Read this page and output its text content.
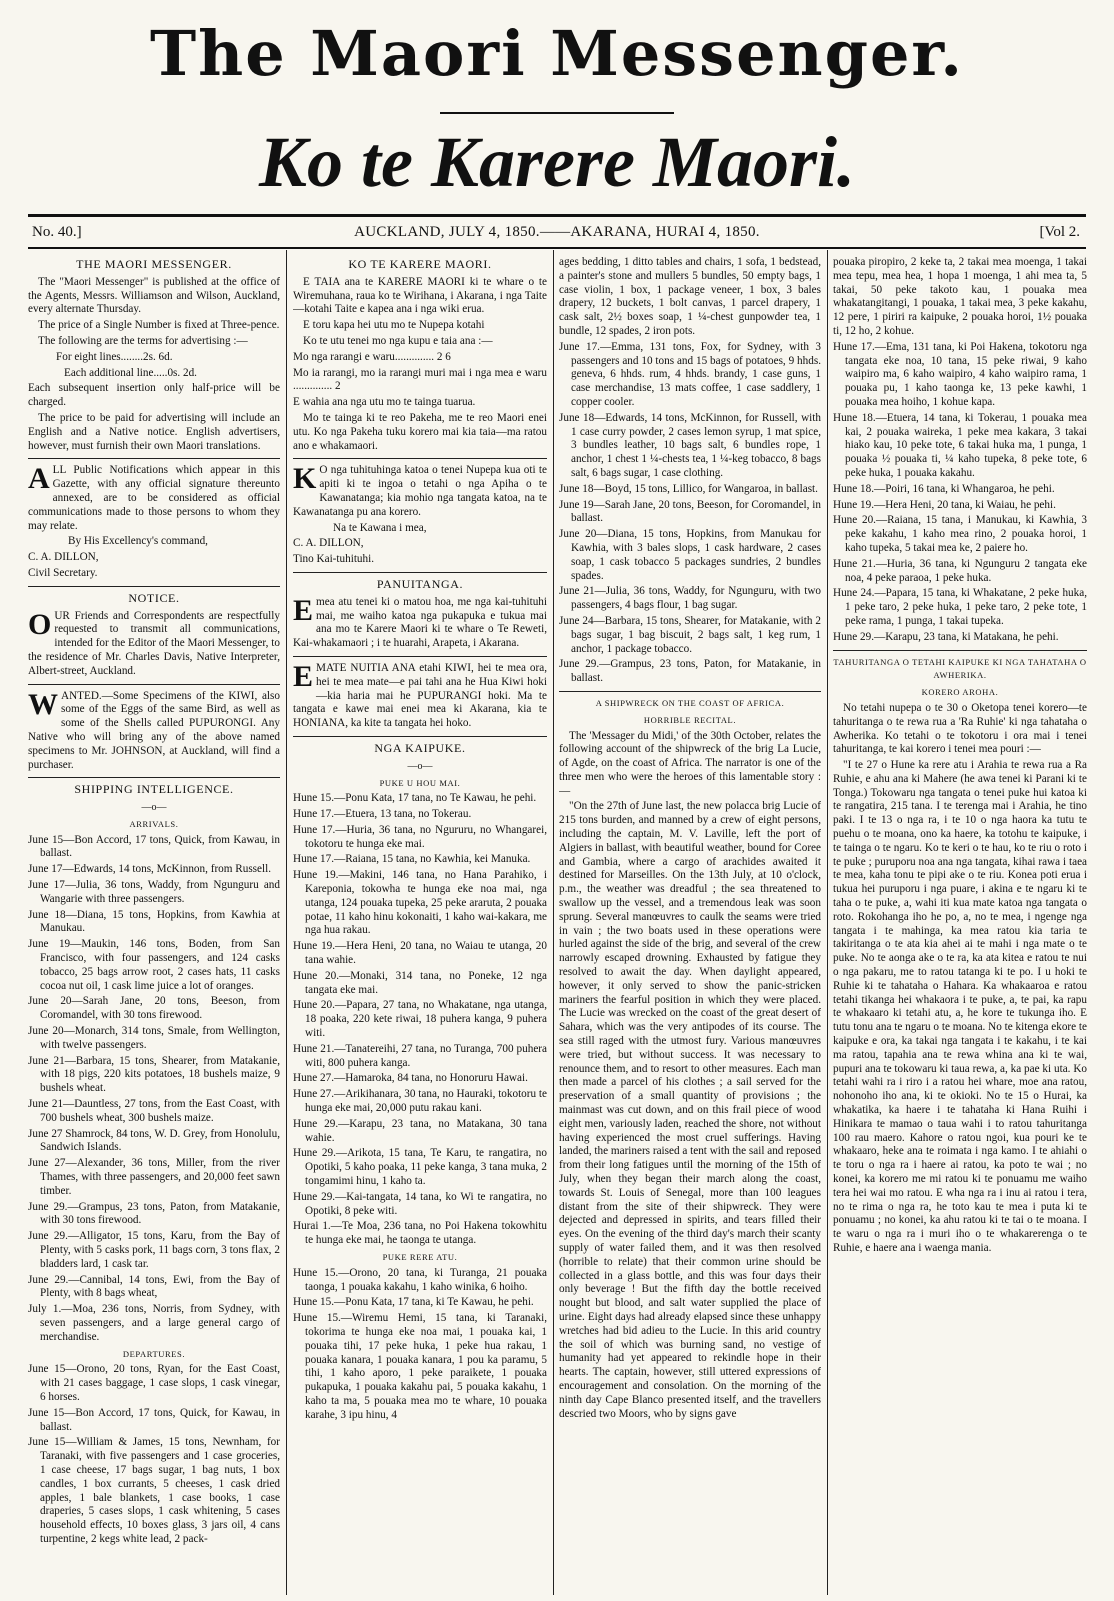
The Maori Messenger.
Ko te Karere Maori.
No. 40.]	AUCKLAND, JULY 4, 1850.——AKARANA, HURAI 4, 1850.	[Vol 2.
THE MAORI MESSENGER.

The "Maori Messenger" is published at the office of the Agents, Messrs. Williamson and Wilson, Auckland, every alternate Thursday.

The price of a Single Number is fixed at Three-pence.

The following are the terms for advertising :—

For eight lines........2s. 6d.

Each additional line.....0s. 2d.

Each subsequent insertion only half-price will be charged.

The price to be paid for advertising will include an English and a Native notice. English advertisers, however, must furnish their own Maori translations.

ALL Public Notifications which appear in this Gazette, with any official signature thereunto annexed, are to be considered as official communications made to those persons to whom they may relate.

By His Excellency's command,

C. A. DILLON,

Civil Secretary.

NOTICE.

OUR Friends and Correspondents are respectfully requested to transmit all communications, intended for the Editor of the Maori Messenger, to the residence of Mr. Charles Davis, Native Interpreter, Albert-street, Auckland.

WANTED.—Some Specimens of the KIWI, also some of the Eggs of the same Bird, as well as some of the Shells called PUPURONGI. Any Native who will bring any of the above named specimens to Mr. JOHNSON, at Auckland, will find a purchaser.

SHIPPING INTELLIGENCE.
—o—
ARRIVALS.

June 15—Bon Accord, 17 tons, Quick, from Kawau, in ballast.

June 17—Edwards, 14 tons, McKinnon, from Russell.

June 17—Julia, 36 tons, Waddy, from Ngunguru and Wangarie with three passengers.

June 18—Diana, 15 tons, Hopkins, from Kawhia at Manukau.

June 19—Maukin, 146 tons, Boden, from San Francisco, with four passengers, and 124 casks tobacco, 25 bags arrow root, 2 cases hats, 11 casks cocoa nut oil, 1 cask lime juice a lot of oranges.

June 20—Sarah Jane, 20 tons, Beeson, from Coromandel, with 30 tons firewood.

June 20—Monarch, 314 tons, Smale, from Wellington, with twelve passengers.

June 21—Barbara, 15 tons, Shearer, from Matakanie, with 18 pigs, 220 kits potatoes, 18 bushels maize, 9 bushels wheat.

June 21—Dauntless, 27 tons, from the East Coast, with 700 bushels wheat, 300 bushels maize.

June 27 Shamrock, 84 tons, W. D. Grey, from Honolulu, Sandwich Islands.

June 27—Alexander, 36 tons, Miller, from the river Thames, with three passengers, and 20,000 feet sawn timber.

June 29.—Grampus, 23 tons, Paton, from Matakanie, with 30 tons firewood.

June 29.—Alligator, 15 tons, Karu, from the Bay of Plenty, with 5 casks pork, 11 bags corn, 3 tons flax, 2 bladders lard, 1 cask tar.

June 29.—Cannibal, 14 tons, Ewi, from the Bay of Plenty, with 8 bags wheat,

July 1.—Moa, 236 tons, Norris, from Sydney, with seven passengers, and a large general cargo of merchandise.

DEPARTURES.

June 15—Orono, 20 tons, Ryan, for the East Coast, with 21 cases baggage, 1 case slops, 1 cask vinegar, 6 horses.

June 15—Bon Accord, 17 tons, Quick, for Kawau, in ballast.

June 15—William & James, 15 tons, Newnham, for Taranaki, with five passengers and 1 case groceries, 1 case cheese, 17 bags sugar, 1 bag nuts, 1 box candles, 1 box currants, 5 cheeses, 1 cask dried apples, 1 bale blankets, 1 case books, 1 case draperies, 5 cases slops, 1 cask whitening, 5 cases household effects, 10 boxes glass, 3 jars oil, 4 cans turpentine, 2 kegs white lead, 2 pack-

KO TE KARERE MAORI.

E TAIA ana te KARERE MAORI ki te whare o te Wiremuhana, raua ko te Wirihana, i Akarana, i nga Taite—kotahi Taite e kapea ana i nga wiki erua.

E toru kapa hei utu mo te Nupepa kotahi

Ko te utu tenei mo nga kupu e taia ana :—

Mo nga rarangi e waru.............. 2 6

Mo ia rarangi, mo ia rarangi muri mai i nga mea e waru .............. 2

E wahia ana nga utu mo te tainga tuarua.

Mo te tainga ki te reo Pakeha, me te reo Maori enei utu. Ko nga Pakeha tuku korero mai kia taia—ma ratou ano e whakamaori.

K O nga tuhituhinga katoa o tenei Nupepa kua oti te apiti ki te ingoa o tetahi o nga Apiha o te Kawanatanga; kia mohio nga tangata katoa, na te Kawanatanga pu ana korero.

Na te Kawana i mea,

C. A. DILLON,

Tino Kai-tuhituhi.

PANUITANGA.

Emea atu tenei ki o matou hoa, me nga kai-tuhituhi mai, me waiho katoa nga pukapuka e tukua mai ana mo te Karere Maori ki te whare o Te Reweti, Kai-whakamaori ; i te huarahi, Arapeta, i Akarana.

EMATE NUITIA ANA etahi KIWI, hei te mea ora, hei te mea mate—e pai tahi ana he Hua Kiwi hoki—kia haria mai he PUPURANGI hoki. Ma te tangata e kawe mai enei mea ki Akarana, kia te HONIANA, ka kite ta tangata hei hoko.

NGA KAIPUKE.
—o—
PUKE U HOU MAI.

Hune 15.—Ponu Kata, 17 tana, no Te Kawau, he pehi.

Hune 17.—Etuera, 13 tana, no Tokerau.

Hune 17.—Huria, 36 tana, no Ngururu, no Whangarei, tokotoru te hunga eke mai.

Hune 17.—Raiana, 15 tana, no Kawhia, kei Manuka.

Hune 19.—Makini, 146 tana, no Hana Parahiko, i Kareponia, tokowha te hunga eke noa mai, nga utanga, 124 pouaka tupeka, 25 peke araruta, 2 pouaka potae, 11 kaho hinu kokonaiti, 1 kaho wai-kakara, me nga hua rakau.

Hune 19.—Hera Heni, 20 tana, no Waiau te utanga, 20 tana wahie.

Hune 20.—Monaki, 314 tana, no Poneke, 12 nga tangata eke mai.

Hune 20.—Papara, 27 tana, no Whakatane, nga utanga, 18 poaka, 220 kete riwai, 18 puhera kanga, 9 puhera witi.

Hune 21.—Tanatereihi, 27 tana, no Turanga, 700 puhera witi, 800 puhera kanga.

Hune 27.—Hamaroka, 84 tana, no Honoruru Hawai.

Hune 27.—Arikihanara, 30 tana, no Hauraki, tokotoru te hunga eke mai, 20,000 putu rakau kani.

Hune 29.—Karapu, 23 tana, no Matakana, 30 tana wahie.

Hune 29.—Arikota, 15 tana, Te Karu, te rangatira, no Opotiki, 5 kaho poaka, 11 peke kanga, 3 tana muka, 2 tongamimi hinu, 1 kaho ta.

Hune 29.—Kai-tangata, 14 tana, ko Wi te rangatira, no Opotiki, 8 peke witi.

Hurai 1.—Te Moa, 236 tana, no Poi Hakena tokowhitu te hunga eke mai, he taonga te utanga.

PUKE RERE ATU.

Hune 15.—Orono, 20 tana, ki Turanga, 21 pouaka taonga, 1 pouaka kakahu, 1 kaho winika, 6 hoiho.

Hune 15.—Ponu Kata, 17 tana, ki Te Kawau, he pehi.

Hune 15.—Wiremu Hemi, 15 tana, ki Taranaki, tokorima te hunga eke noa mai, 1 pouaka kai, 1 pouaka tihi, 17 peke huka, 1 peke hua rakau, 1 pouaka kanara, 1 pouaka kanara, 1 pou ka paramu, 5 tihi, 1 kaho aporo, 1 peke paraikete, 1 pouaka pukapuka, 1 pouaka kakahu pai, 5 pouaka kakahu, 1 kaho ta ma, 5 pouaka mea mo te whare, 10 pouaka karahe, 3 ipu hinu, 4

ages bedding, 1 ditto tables and chairs, 1 sofa, 1 bedstead, a painter's stone and mullers 5 bundles, 50 empty bags, 1 case violin, 1 box, 1 package veneer, 1 box, 3 bales drapery, 12 buckets, 1 bolt canvas, 1 parcel drapery, 1 cask salt, 2½ boxes soap, 1 ¼-chest gunpowder tea, 1 bundle, 12 spades, 2 iron pots.

June 17.—Emma, 131 tons, Fox, for Sydney, with 3 passengers and 10 tons and 15 bags of potatoes, 9 hhds. geneva, 6 hhds. rum, 4 hhds. brandy, 1 case guns, 1 case merchandise, 13 mats coffee, 1 case saddlery, 1 copper cooler.

June 18—Edwards, 14 tons, McKinnon, for Russell, with 1 case curry powder, 2 cases lemon syrup, 1 mat spice, 3 bundles leather, 10 bags salt, 6 bundles rope, 1 anchor, 1 chest 1 ¼-chests tea, 1 ¼-keg tobacco, 8 bags salt, 6 bags sugar, 1 case clothing.

June 18—Boyd, 15 tons, Lillico, for Wangaroa, in ballast.

June 19—Sarah Jane, 20 tons, Beeson, for Coromandel, in ballast.

June 20—Diana, 15 tons, Hopkins, from Manukau for Kawhia, with 3 bales slops, 1 cask hardware, 2 cases soap, 1 cask tobacco 5 packages sundries, 2 bundles spades.

June 21—Julia, 36 tons, Waddy, for Ngunguru, with two passengers, 4 bags flour, 1 bag sugar.

June 24—Barbara, 15 tons, Shearer, for Matakanie, with 2 bags sugar, 1 bag biscuit, 2 bags salt, 1 keg rum, 1 anchor, 1 package tobacco.

June 29.—Grampus, 23 tons, Paton, for Matakanie, in ballast.

A SHIPWRECK ON THE COAST OF AFRICA.
HORRIBLE RECITAL.

The 'Messager du Midi,' of the 30th October, relates the following account of the shipwreck of the brig La Lucie, of Agde, on the coast of Africa. The narrator is one of the three men who were the heroes of this lamentable story :—

"On the 27th of June last, the new polacca brig Lucie of 215 tons burden, and manned by a crew of eight persons, including the captain, M. V. Laville, left the port of Algiers in ballast, with beautiful weather, bound for Coree and Gambia, where a cargo of arachides awaited it destined for Marseilles. On the 13th July, at 10 o'clock, p.m., the weather was dreadful ; the sea threatened to swallow up the vessel, and a tremendous leak was soon sprung. Several manœuvres to caulk the seams were tried in vain ; the two boats used in these operations were hurled against the side of the brig, and several of the crew narrowly escaped drowning. Exhausted by fatigue they resolved to await the day. When daylight appeared, however, it only served to show the panic-stricken mariners the fearful position in which they were placed. The Lucie was wrecked on the coast of the great desert of Sahara, which was the very antipodes of its course. The sea still raged with the utmost fury. Various manœuvres were tried, but without success. It was necessary to renounce them, and to resort to other measures. Each man then made a parcel of his clothes ; a sail served for the preservation of a small quantity of provisions ; the mainmast was cut down, and on this frail piece of wood eight men, variously laden, reached the shore, not without having experienced the most cruel sufferings. Having landed, the mariners raised a tent with the sail and reposed from their long fatigues until the morning of the 15th of July, when they began their march along the coast, towards St. Louis of Senegal, more than 100 leagues distant from the site of their shipwreck. They were dejected and depressed in spirits, and tears filled their eyes. On the evening of the third day's march their scanty supply of water failed them, and it was then resolved (horrible to relate) that their common urine should be collected in a glass bottle, and this was four days their only beverage ! But the fifth day the bottle received nought but blood, and salt water supplied the place of urine. Eight days had already elapsed since these unhappy wretches had bid adieu to the Lucie. In this arid country the soil of which was burning sand, no vestige of humanity had yet appeared to rekindle hope in their hearts. The captain, however, still uttered expressions of encouragement and consolation. On the morning of the ninth day Cape Blanco presented itself, and the travellers descried two Moors, who by signs gave

pouaka piropiro, 2 keke ta, 2 takai mea moenga, 1 takai mea tepu, mea hea, 1 hopa 1 moenga, 1 ahi mea ta, 5 takai, 50 peke takoto kau, 1 pouaka mea whakatangitangi, 1 pouaka, 1 takai mea, 3 peke kakahu, 12 pere, 1 piriri ra kaipuke, 2 pouaka horoi, 1½ pouaka ti, 12 ho, 2 kohue.

Hune 17.—Ema, 131 tana, ki Poi Hakena, tokotoru nga tangata eke noa, 10 tana, 15 peke riwai, 9 kaho waipiro ma, 6 kaho waipiro, 4 kaho waipiro rama, 1 pouaka pu, 1 kaho taonga ke, 13 peke kawhi, 1 pouaka mea hoiho, 1 kohue kapa.

Hune 18.—Etuera, 14 tana, ki Tokerau, 1 pouaka mea kai, 2 pouaka waireka, 1 peke mea kakara, 3 takai hiako kau, 10 peke tote, 6 takai huka ma, 1 punga, 1 pouaka ½ pouaka ti, ¼ kaho tupeka, 8 peke tote, 6 peke huka, 1 pouaka kakahu.

Hune 18.—Poiri, 16 tana, ki Whangaroa, he pehi.

Hune 19.—Hera Heni, 20 tana, ki Waiau, he pehi.

Hune 20.—Raiana, 15 tana, i Manukau, ki Kawhia, 3 peke kakahu, 1 kaho mea rino, 2 pouaka horoi, 1 kaho tupeka, 5 takai mea ke, 2 paiere ho.

Hune 21.—Huria, 36 tana, ki Ngunguru 2 tangata eke noa, 4 peke paraoa, 1 peke huka.

Hune 24.—Papara, 15 tana, ki Whakatane, 2 peke huka, 1 peke taro, 2 peke huka, 1 peke taro, 2 peke tote, 1 peke rama, 1 punga, 1 takai tupeka.

Hune 29.—Karapu, 23 tana, ki Matakana, he pehi.

TAHURITANGA O TETAHI KAIPUKE KI NGA TAHATAHA O AWHERIKA.
KORERO AROHA.

No tetahi nupepa o te 30 o Oketopa tenei korero—te tahuritanga o te rewa rua a 'Ra Ruhie' ki nga tahataha o Awherika. Ko tetahi o te tokotoru i ora mai i tenei tahuritanga, te kai korero i tenei mea pouri :—

"I te 27 o Hune ka rere atu i Arahia te rewa rua a Ra Ruhie, e ahu ana ki Mahere (he awa tenei ki Parani ki te Tonga.) Tokowaru nga tangata o tenei puke hui katoa ki te rangatira, 215 tana. I te terenga mai i Arahia, he tino paki. I te 13 o nga ra, i te 10 o nga haora ka tutu te puehu o te moana, ono ka haere, ka totohu te kaipuke, i te tainga o te ngaru. Ko te keri o te hau, ko te riu o roto i te puke ; puruporu noa ana nga tangata, kihai rawa i taea te mea, kaha tonu te pipi ake o te riu. Konea poti erua i tukua hei puruporu i nga puare, i akina e te ngaru ki te taha o te puke, a, wahi iti kua mate katoa nga tangata o roto. Rokohanga iho he po, a, no te mea, i ngenge nga tangata i te mahinga, ka mea ratou kia taria te takiritanga o te ata kia ahei ai te mahi i nga mate o te puke. No te aonga ake o te ra, ka ata kitea e ratou te nui o nga pakaru, me to ratou tatanga ki te po. I u hoki te Ruhie ki te tahataha o Hahara. Ka whakaaroa e ratou tetahi tikanga hei whakaora i te puke, a, te pai, ka rapu te whakaaro ki tetahi atu, a, he kore te tukunga iho. E tutu tonu ana te ngaru o te moana. No te kitenga ekore te kaipuke e ora, ka takai nga tangata i te kakahu, i te kai ma ratou, tapahia ana te rewa whina ana ki te wai, pupuri ana te tokowaru ki taua rewa, a, ka pae ki uta. Ko tetahi wahi ra i riro i a ratou hei whare, moe ana ratou, nohonoho iho ana, ki te okioki. No te 15 o Hurai, ka whakatika, ka haere i te tahataha ki Hana Ruihi i Hinikara te mamao o taua wahi i to ratou tahuritanga 100 rau maero. Kahore o ratou ngoi, kua pouri ke te whakaaro, heke ana te roimata i nga kamo. I te ahiahi o te toru o nga ra i haere ai ratou, ka poto te wai ; no konei, ka korero me mi ratou ki te ponuamu me waiho tera hei wai mo ratou. E wha nga ra i inu ai ratou i tera, no te rima o nga ra, he toto kau te mea i puta ki te ponuamu ; no konei, ka ahu ratou ki te tai o te moana. I te waru o nga ra i muri iho o te whakarerenga o te Ruhie, e haere ana i waenga mania.
